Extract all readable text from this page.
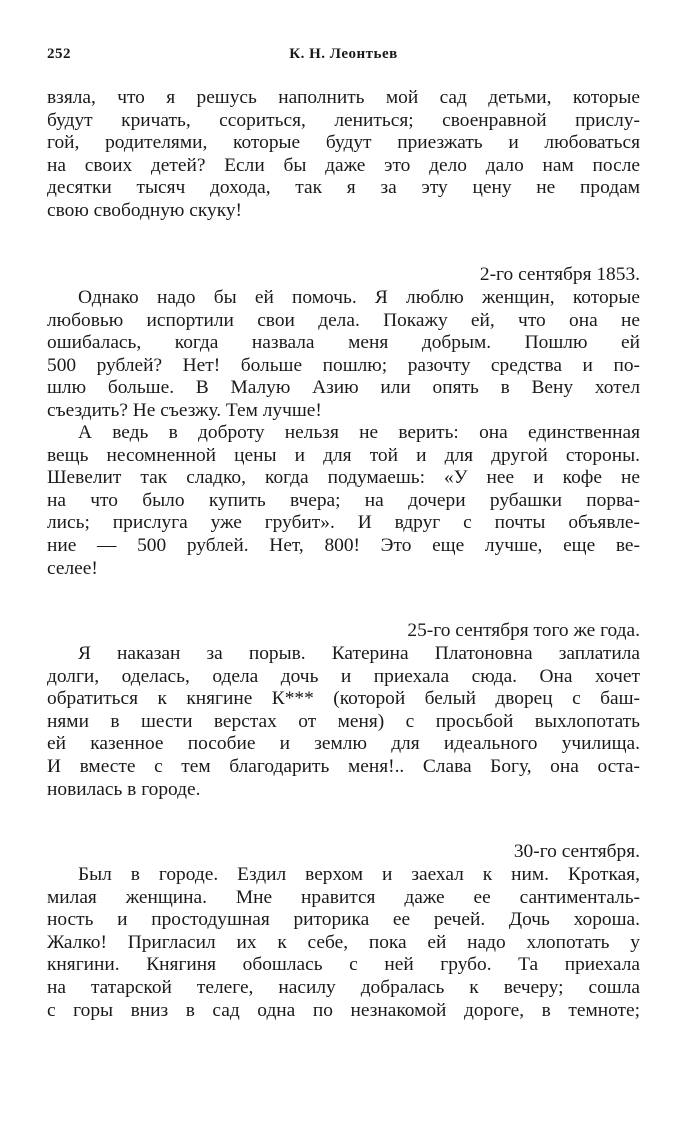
252	К. Н. Леонтьев
взяла, что я решусь наполнить мой сад детьми, которые
будут кричать, ссориться, лениться; своенравной прислу-
гой, родителями, которые будут приезжать и любоваться
на своих детей? Если бы даже это дело дало нам после
десятки тысяч дохода, так я за эту цену не продам
свою свободную скуку!
2-го сентября 1853.
Однако надо бы ей помочь. Я люблю женщин, которые
любовью испортили свои дела. Покажу ей, что она не
ошибалась, когда назвала меня добрым. Пошлю ей
500 рублей? Нет! больше пошлю; разочту средства и по-
шлю больше. В Малую Азию или опять в Вену хотел
съездить? Не съезжу. Тем лучше!
А ведь в доброту нельзя не верить: она единственная
вещь несомненной цены и для той и для другой стороны.
Шевелит так сладко, когда подумаешь: «У нее и кофе не
на что было купить вчера; на дочери рубашки порва-
лись; прислуга уже грубит». И вдруг с почты объявле-
ние — 500 рублей. Нет, 800! Это еще лучше, еще ве-
селее!
25-го сентября того же года.
Я наказан за порыв. Катерина Платоновна заплатила
долги, оделась, одела дочь и приехала сюда. Она хочет
обратиться к княгине К*** (которой белый дворец с баш-
нями в шести верстах от меня) с просьбой выхлопотать
ей казенное пособие и землю для идеального училища.
И вместе с тем благодарить меня!.. Слава Богу, она оста-
новилась в городе.
30-го сентября.
Был в городе. Ездил верхом и заехал к ним. Кроткая,
милая женщина. Мне нравится даже ее сантименталь-
ность и простодушная риторика ее речей. Дочь хороша.
Жалко! Пригласил их к себе, пока ей надо хлопотать у
княгини. Княгиня обошлась с ней грубо. Та приехала
на татарской телеге, насилу добралась к вечеру; сошла
с горы вниз в сад одна по незнакомой дороге, в темноте;
